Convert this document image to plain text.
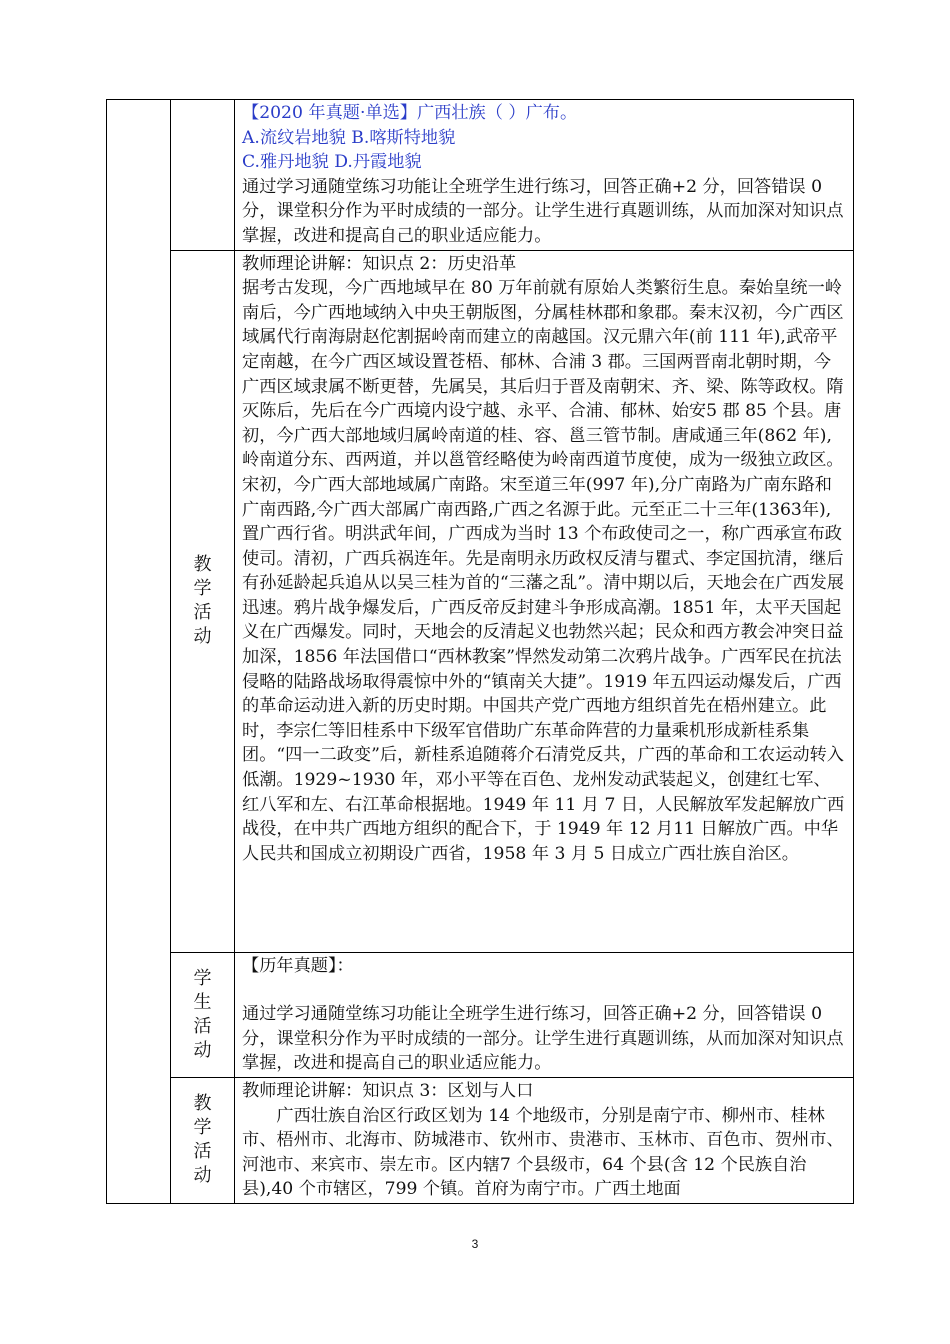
		【2020 年真题·单选】广西壮族（ ）广布。

A.流纹岩地貌 B.喀斯特地貌

C.雅丹地貌 D.丹霞地貌

通过学习通随堂练习功能让全班学生进行练习，回答正确+2 分，回答错误 0 分，课堂积分作为平时成绩的一部分。让学生进行真题训练，从而加深对知识点掌握，改进和提高自己的职业适应能力。

	教学活动	教师理论讲解：知识点 2：历史沿革

据考古发现，今广西地域早在 80 万年前就有原始人类繁衍生息。秦始皇统一岭南后，今广西地域纳入中央王朝版图，分属桂林郡和象郡。秦末汉初，今广西区域属代行南海尉赵佗割据岭南而建立的南越国。汉元鼎六年(前 111 年),武帝平定南越，在今广西区域设置苍梧、郁林、合浦 3 郡。三国两晋南北朝时期，今广西区域隶属不断更替，先属吴，其后归于晋及南朝宋、齐、梁、陈等政权。隋灭陈后，先后在今广西境内设宁越、永平、合浦、郁林、始安5 郡 85 个县。唐初，今广西大部地域归属岭南道的桂、容、邕三管节制。唐咸通三年(862 年),岭南道分东、西两道，并以邕管经略使为岭南西道节度使，成为一级独立政区。宋初，今广西大部地域属广南路。宋至道三年(997 年),分广南路为广南东路和广南西路,今广西大部属广南西路,广西之名源于此。元至正二十三年(1363年),置广西行省。明洪武年间，广西成为当时 13 个布政使司之一，称广西承宣布政使司。清初，广西兵祸连年。先是南明永历政权反清与瞿式、李定国抗清，继后有孙延龄起兵追从以吴三桂为首的“三藩之乱”。清中期以后，天地会在广西发展迅速。鸦片战争爆发后，广西反帝反封建斗争形成高潮。1851 年，太平天国起义在广西爆发。同时，天地会的反清起义也勃然兴起；民众和西方教会冲突日益加深，1856 年法国借口“西林教案”悍然发动第二次鸦片战争。广西军民在抗法侵略的陆路战场取得震惊中外的“镇南关大捷”。1919 年五四运动爆发后，广西的革命运动进入新的历史时期。中国共产党广西地方组织首先在梧州建立。此时，李宗仁等旧桂系中下级军官借助广东革命阵营的力量乘机形成新桂系集团。“四一二政变”后，新桂系追随蒋介石清党反共，广西的革命和工农运动转入低潮。1929~1930 年，邓小平等在百色、龙州发动武装起义，创建红七军、红八军和左、右江革命根据地。1949 年 11 月 7 日，人民解放军发起解放广西战役，在中共广西地方组织的配合下，于 1949 年 12 月11 日解放广西。中华人民共和国成立初期设广西省，1958 年 3 月 5 日成立广西壮族自治区。

	学生活动	【历年真题】：

通过学习通随堂练习功能让全班学生进行练习，回答正确+2 分，回答错误 0 分，课堂积分作为平时成绩的一部分。让学生进行真题训练，从而加深对知识点掌握，改进和提高自己的职业适应能力。

	教学活动	教师理论讲解：知识点 3：区划与人口

广西壮族自治区行政区划为 14 个地级市，分别是南宁市、柳州市、桂林市、梧州市、北海市、防城港市、钦州市、贵港市、玉林市、百色市、贺州市、河池市、来宾市、崇左市。区内辖7 个县级市，64 个县(含 12 个民族自治县),40 个市辖区，799 个镇。首府为南宁市。广西土地面

3
